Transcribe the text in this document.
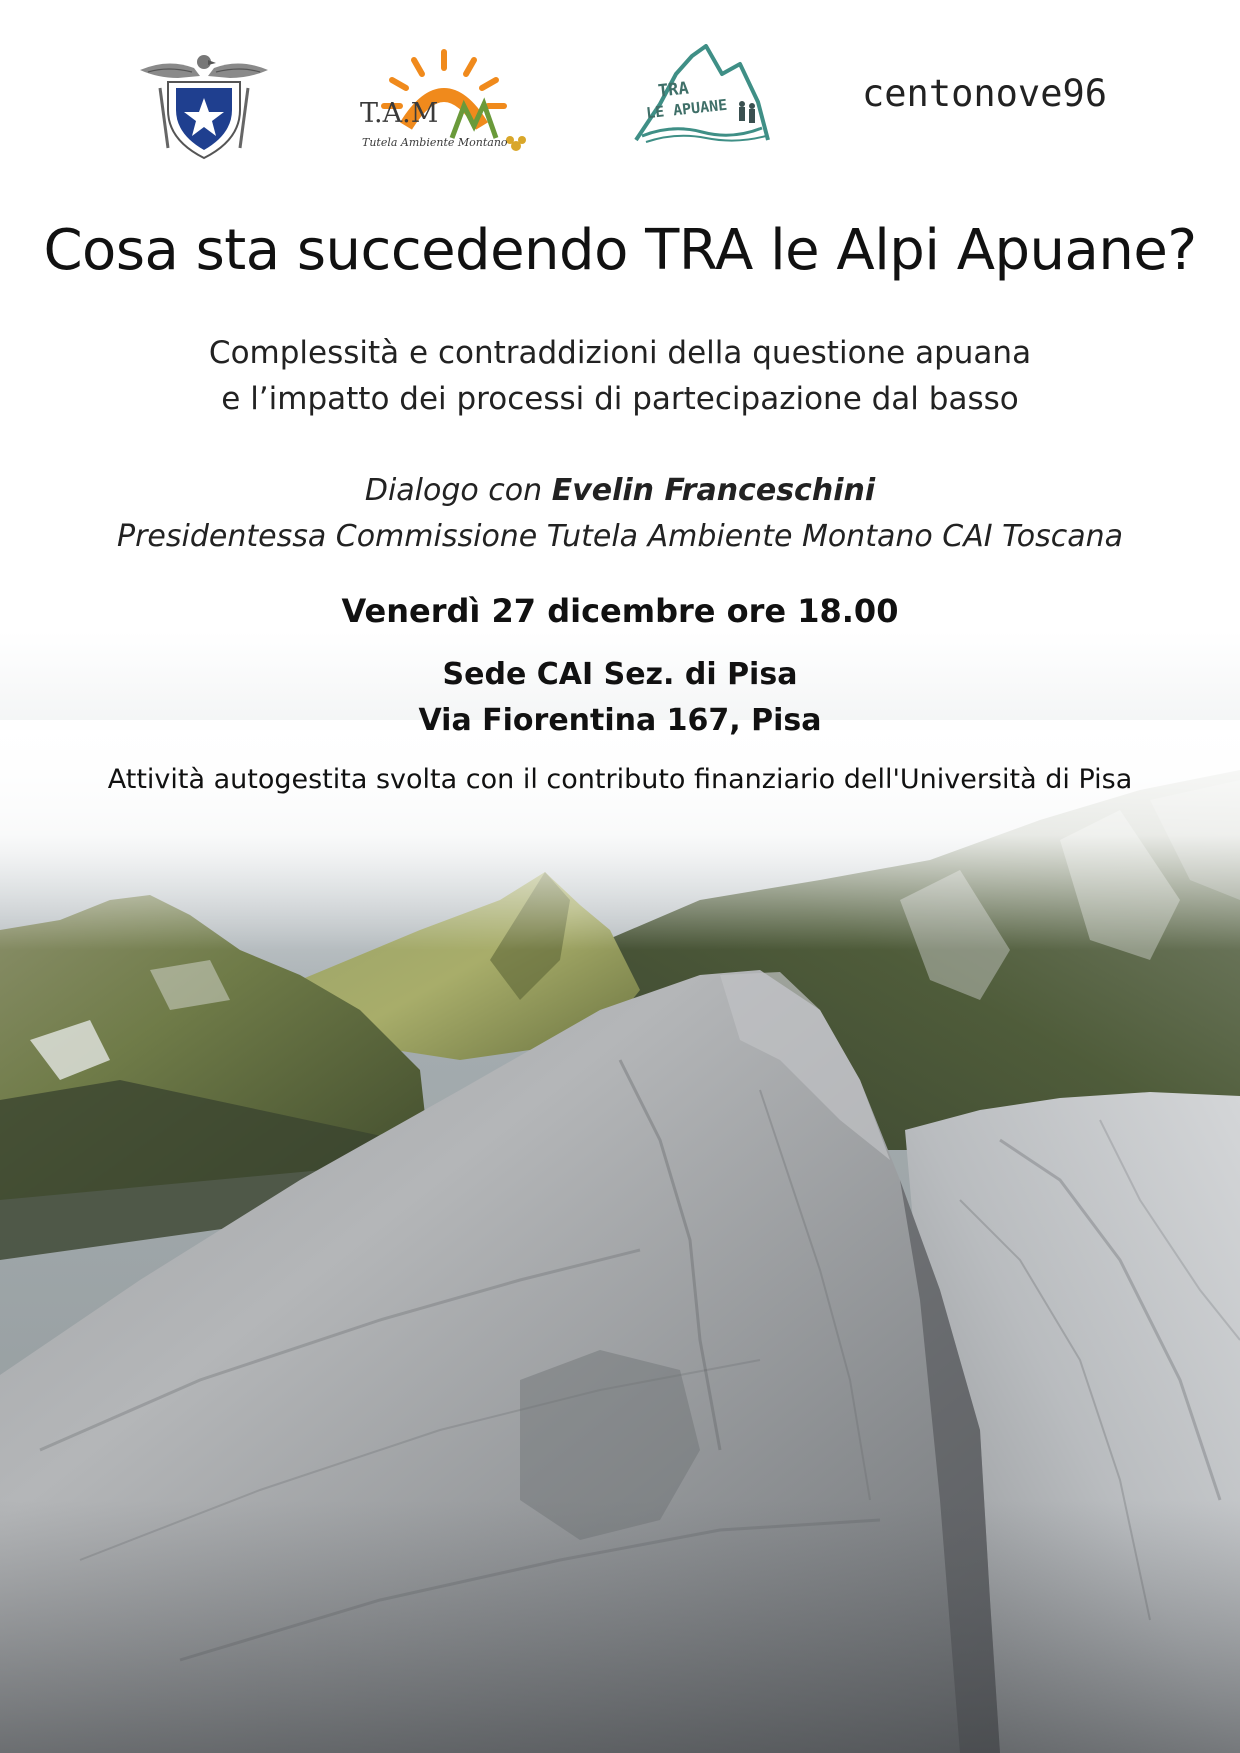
T.A.M
Tutela Ambiente Montano
TRA
LE APUANE	centonove96
Cosa sta succedendo TRA le Alpi Apuane?
Complessità e contraddizioni della questione apuana
e l’impatto dei processi di partecipazione dal basso
Dialogo con Evelin Franceschini
Presidentessa Commissione Tutela Ambiente Montano CAI Toscana
Venerdì 27 dicembre ore 18.00
Sede CAI Sez. di Pisa
Via Fiorentina 167, Pisa
Attività autogestita svolta con il contributo finanziario dell'Università di Pisa
